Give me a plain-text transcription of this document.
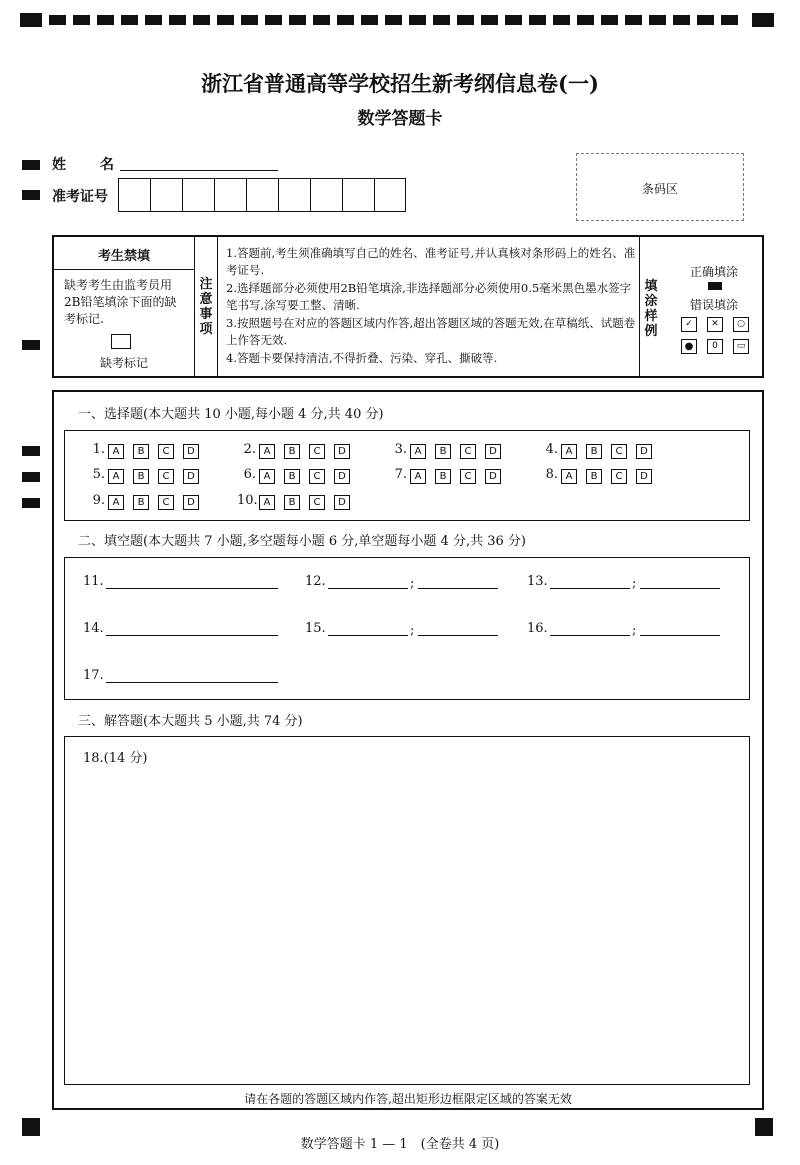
浙江省普通高等学校招生新考纲信息卷(一)
数学答题卡
姓　名
准考证号	条码区
考生禁填
缺考考生由监考员用2B铅笔填涂下面的缺考标记.
缺考标记
注
意
事
项
1.答题前,考生须准确填写自己的姓名、准考证号,并认真核对条形码上的姓名、准考证号.
2.选择题部分必须使用2B铅笔填涂,非选择题部分必须使用0.5毫米黑色墨水签字笔书写,涂写要工整、清晰.
3.按照题号在对应的答题区域内作答,超出答题区域的答题无效,在草稿纸、试题卷上作答无效.
4.答题卡要保持清洁,不得折叠、污染、穿孔、撕破等.
填
涂
样
例
正确填涂
错误填涂
✓	✕	○
●	0	▭
一、选择题(本大题共 10 小题,每小题 4 分,共 40 分)
1. A	B	C	D	2. A	B	C	D	3. A	B	C	D	4. A	B	C	D
5. A	B	C	D	6. A	B	C	D	7. A	B	C	D	8. A	B	C	D
9. A	B	C	D	10. A	B	C	D
二、填空题(本大题共 7 小题,多空题每小题 6 分,单空题每小题 4 分,共 36 分)
11.	12.	;	13.	;
14.	15.	;	16.	;
17.
三、解答题(本大题共 5 小题,共 74 分)
18.(14 分)
请在各题的答题区域内作答,超出矩形边框限定区域的答案无效
数学答题卡 1 — 1　(全卷共 4 页)
